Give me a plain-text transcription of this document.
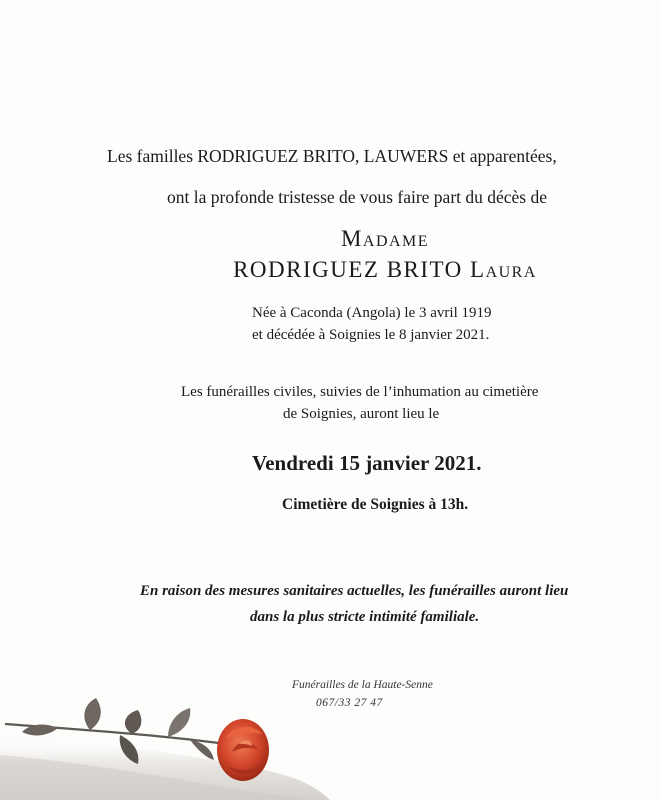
Les familles RODRIGUEZ BRITO, LAUWERS et apparentées,
ont la profonde tristesse de vous faire part du décès de
Madame
RODRIGUEZ BRITO Laura
Née à Caconda (Angola) le 3 avril 1919
et décédée à Soignies le 8 janvier 2021.
Les funérailles civiles, suivies de l’inhumation au cimetière
de Soignies, auront lieu le
Vendredi 15 janvier 2021.
Cimetière de Soignies à 13h.
En raison des mesures sanitaires actuelles, les funérailles auront lieu
dans la plus stricte intimité familiale.
Funérailles de la Haute-Senne
067/33 27 47
